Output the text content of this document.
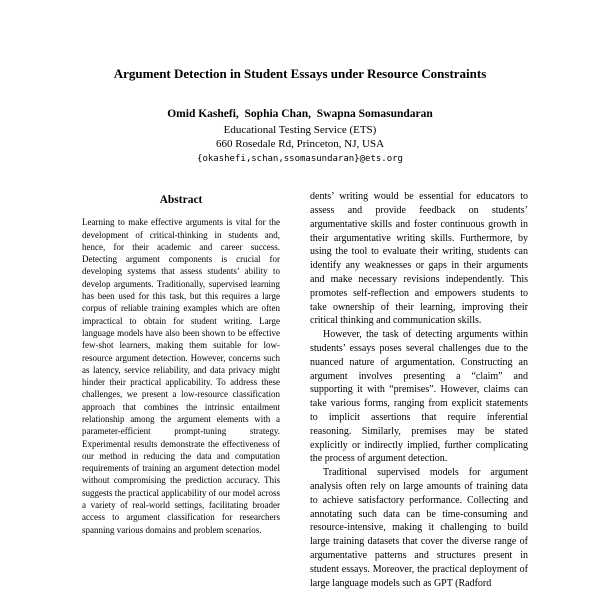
Argument Detection in Student Essays under Resource Constraints
Omid Kashefi,  Sophia Chan,  Swapna Somasundaran
Educational Testing Service (ETS)
660 Rosedale Rd, Princeton, NJ, USA
{okashefi,schan,ssomasundaran}@ets.org
Abstract

Learning to make effective arguments is vital for the development of critical-thinking in students and, hence, for their academic and career success. Detecting argument components is crucial for developing systems that assess students’ ability to develop arguments. Traditionally, supervised learning has been used for this task, but this requires a large corpus of reliable training examples which are often impractical to obtain for student writing. Large language models have also been shown to be effective few-shot learners, making them suitable for low-resource argument detection. However, concerns such as latency, service reliability, and data privacy might hinder their practical applicability. To address these challenges, we present a low-resource classification approach that combines the intrinsic entailment relationship among the argument elements with a parameter-efficient prompt-tuning strategy. Experimental results demonstrate the effectiveness of our method in reducing the data and computation requirements of training an argument detection model without compromising the prediction accuracy. This suggests the practical applicability of our model across a variety of real-world settings, facilitating broader access to argument classification for researchers spanning various domains and problem scenarios.

dents’ writing would be essential for educators to assess and provide feedback on students’ argumentative skills and foster continuous growth in their argumentative writing skills. Furthermore, by using the tool to evaluate their writing, students can identify any weaknesses or gaps in their arguments and make necessary revisions independently. This promotes self-reflection and empowers students to take ownership of their learning, improving their critical thinking and communication skills.

However, the task of detecting arguments within students’ essays poses several challenges due to the nuanced nature of argumentation. Constructing an argument involves presenting a “claim” and supporting it with “premises”. However, claims can take various forms, ranging from explicit statements to implicit assertions that require inferential reasoning. Similarly, premises may be stated explicitly or indirectly implied, further complicating the process of argument detection.

Traditional supervised models for argument analysis often rely on large amounts of training data to achieve satisfactory performance. Collecting and annotating such data can be time-consuming and resource-intensive, making it challenging to build large training datasets that cover the diverse range of argumentative patterns and structures present in student essays. Moreover, the practical deployment of large language models such as GPT (Radford
